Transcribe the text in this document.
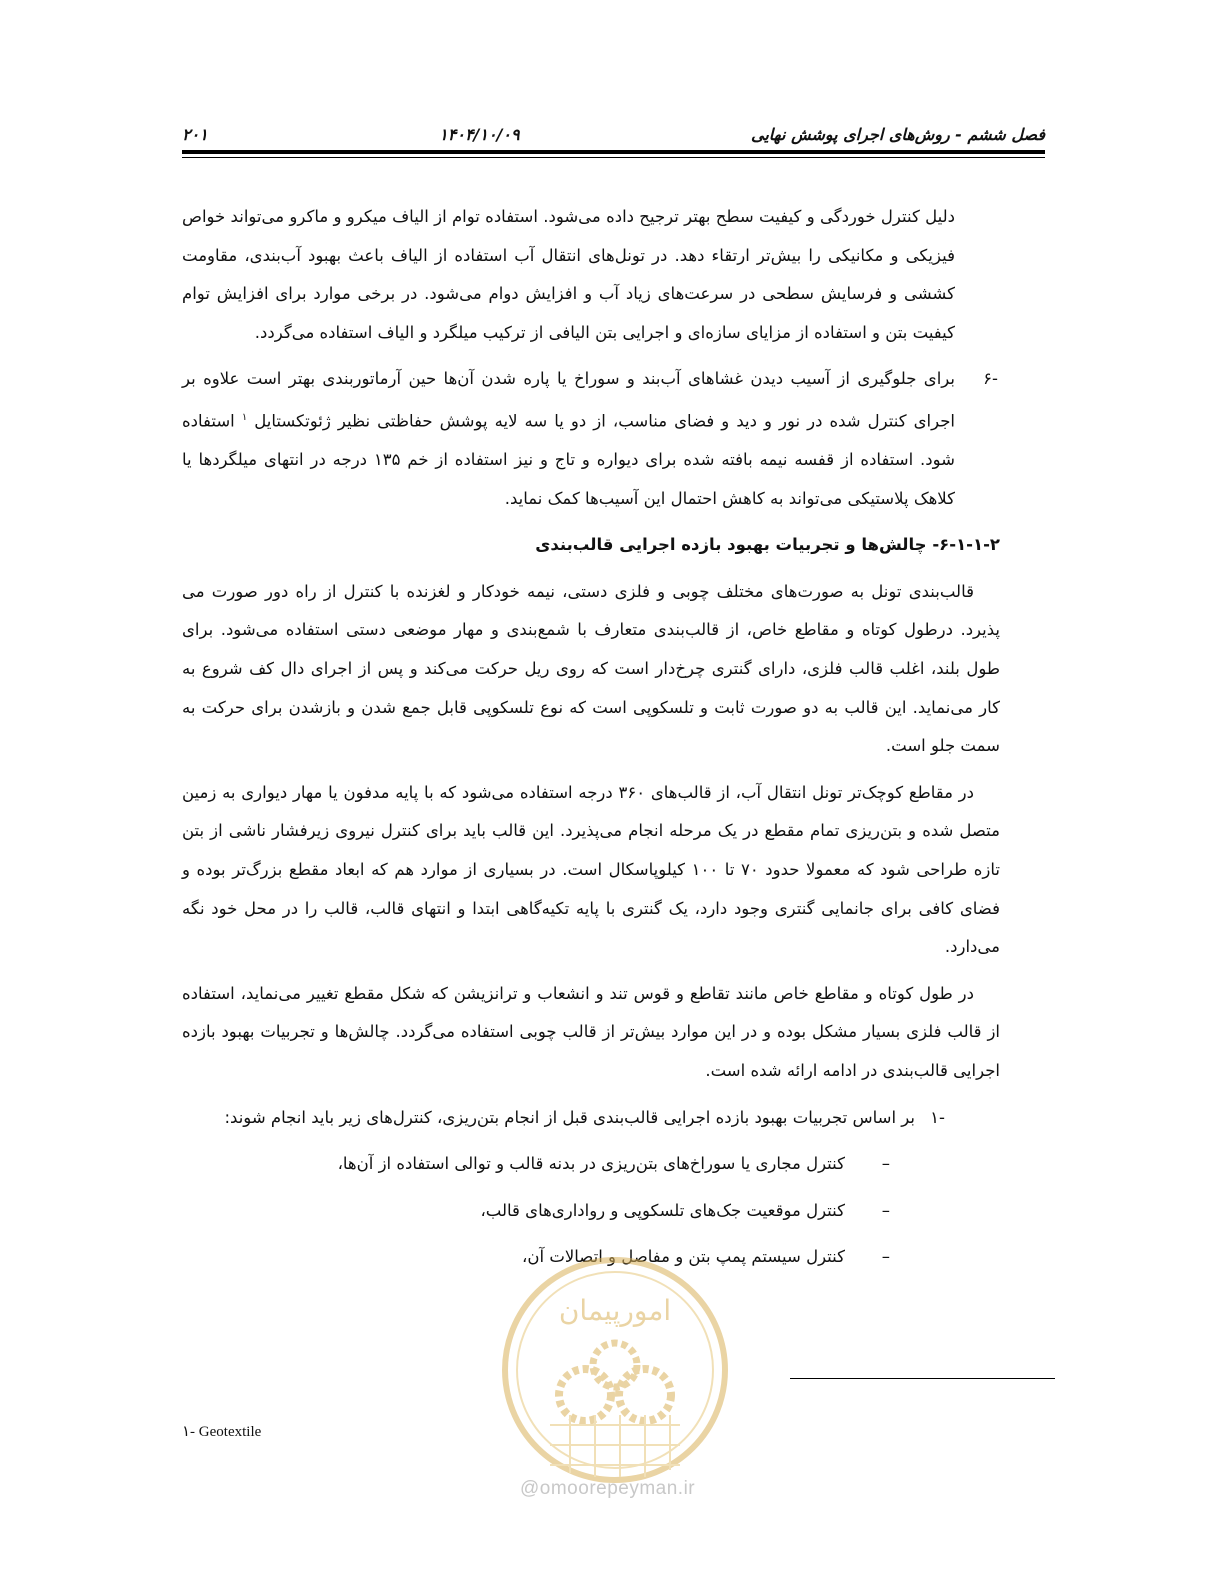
فصل ششم - روش‌های اجرای پوشش نهایی
۱۴۰۴/۱۰/۰۹
۲۰۱

دلیل کنترل خوردگی و کیفیت سطح بهتر ترجیح داده می‌شود. استفاده توام از الیاف میکرو و ماکرو می‌تواند خواص فیزیکی و مکانیکی را بیش‌تر ارتقاء دهد. در تونل‌های انتقال آب استفاده از الیاف باعث بهبود آب‌بندی، مقاومت کششی و فرسایش سطحی در سرعت‌های زیاد آب و افزایش دوام می‌شود. در برخی موارد برای افزایش توام کیفیت بتن و استفاده از مزایای سازه‌ای و اجرایی بتن الیافی از ترکیب میلگرد و الیاف استفاده می‌گردد.

-۶
برای جلوگیری از آسیب دیدن غشاهای آب‌بند و سوراخ یا پاره شدن آن‌ها حین آرماتوربندی بهتر است علاوه بر اجرای کنترل شده در نور و دید و فضای مناسب، از دو یا سه لایه پوشش حفاظتی نظیر ژئوتکستایل $^۱$ استفاده شود. استفاده از قفسه نیمه بافته شده برای دیواره و تاج و نیز استفاده از خم ۱۳۵ درجه در انتهای میلگردها یا کلاهک پلاستیکی می‌تواند به کاهش احتمال این آسیب‌ها کمک نماید.

۶-۱-۱-۲- چالش‌ها و تجربیات بهبود بازده اجرایی قالب‌بندی

قالب‌بندی تونل به صورت‌های مختلف چوبی و فلزی دستی، نیمه خودکار و لغزنده با کنترل از راه دور صورت می پذیرد. درطول کوتاه و مقاطع خاص، از قالب‌بندی متعارف با شمع‌بندی و مهار موضعی دستی استفاده می‌شود. برای طول بلند، اغلب قالب فلزی، دارای گنتری چرخ‌دار است که روی ریل حرکت می‌کند و پس از اجرای دال کف شروع به کار می‌نماید. این قالب به دو صورت ثابت و تلسکوپی است که نوع تلسکوپی قابل جمع شدن و بازشدن برای حرکت به سمت جلو است.

در مقاطع کوچک‌تر تونل انتقال آب، از قالب‌های ۳۶۰ درجه استفاده می‌شود که با پایه مدفون یا مهار دیواری به زمین متصل شده و بتن‌ریزی تمام مقطع در یک مرحله انجام می‌پذیرد. این قالب باید برای کنترل نیروی زیرفشار ناشی از بتن تازه طراحی شود که معمولا حدود ۷۰ تا ۱۰۰ کیلوپاسکال است. در بسیاری از موارد هم که ابعاد مقطع بزرگ‌تر بوده و فضای کافی برای جانمایی گنتری وجود دارد، یک گنتری با پایه تکیه‌گاهی ابتدا و انتهای قالب، قالب را در محل خود نگه می‌دارد.

در طول کوتاه و مقاطع خاص مانند تقاطع و قوس تند و انشعاب و ترانزیشن که شکل مقطع تغییر می‌نماید، استفاده از قالب فلزی بسیار مشکل بوده و در این موارد بیش‌تر از قالب چوبی استفاده می‌گردد. چالش‌ها و تجربیات بهبود بازده اجرایی قالب‌بندی در ادامه ارائه شده است.

-۱
بر اساس تجربیات بهبود بازده اجرایی قالب‌بندی قبل از انجام بتن‌ریزی، کنترل‌های زیر باید انجام شوند:

–
کنترل مجاری یا سوراخ‌های بتن‌ریزی در بدنه قالب و توالی استفاده از آن‌ها،

–
کنترل موقعیت جک‌های تلسکوپی و رواداری‌های قالب،

–
کنترل سیستم پمپ بتن و مفاصل و اتصالات آن،

امورپیمان
@omoorepeyman.ir
۱- Geotextile
